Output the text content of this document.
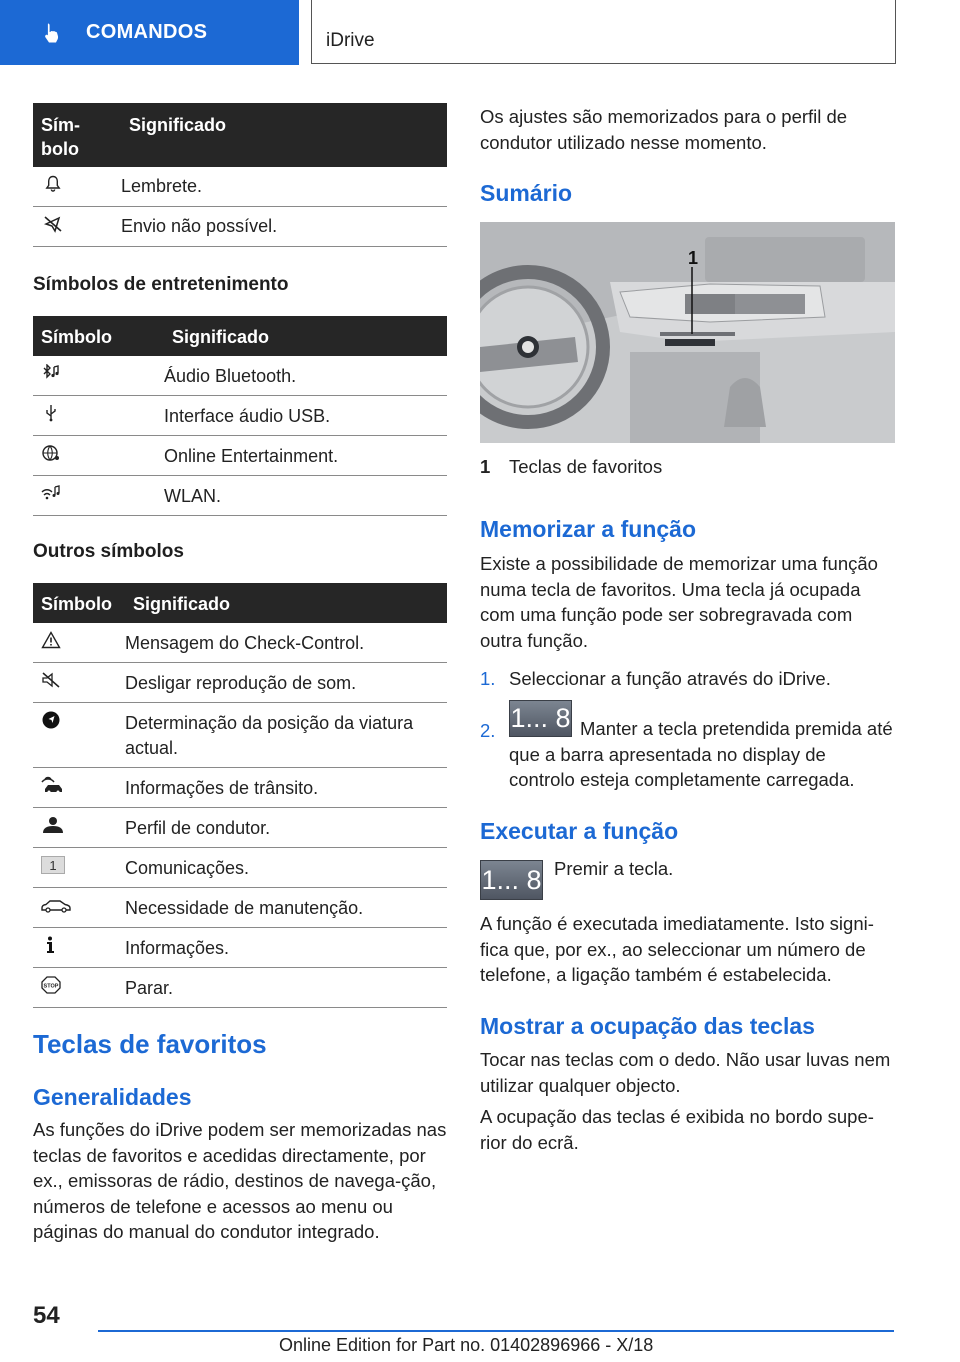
COMANDOS	iDrive
Sím-bolo	Significado

Lembrete.

Envio não possível.
Símbolos de entretenimento
Símbolo	Significado

Áudio Bluetooth.

Interface áudio USB.

Online Entertainment.

WLAN.
Outros símbolos
Símbolo	Significado

Mensagem do Check-Control.

Desligar reprodução de som.

Determinação da posição da viatura actual.

Informações de trânsito.

Perfil de condutor.

1	Comunicações.

Necessidade de manutenção.

Informações.

STOP	Parar.
Teclas de favoritos
Generalidades
As funções do iDrive podem ser memorizadas nas teclas de favoritos e acedidas directamente, por ex., emissoras de rádio, destinos de navega-ção, números de telefone e acessos ao menu ou páginas do manual do condutor integrado.
Os ajustes são memorizados para o perfil de condutor utilizado nesse momento.
Sumário
1
1 Teclas de favoritos
Memorizar a função
Existe a possibilidade de memorizar uma função numa tecla de favoritos. Uma tecla já ocupada com uma função pode ser sobregravada com outra função.
1. Seleccionar a função através do iDrive.
2. 1... 8 Manter a tecla pretendida premida até que a barra apresentada no display de controlo esteja completamente carregada.
Executar a função
1... 8 Premir a tecla.
A função é executada imediatamente. Isto signi-fica que, por ex., ao seleccionar um número de telefone, a ligação também é estabelecida.
Mostrar a ocupação das teclas
Tocar nas teclas com o dedo. Não usar luvas nem utilizar qualquer objecto.
A ocupação das teclas é exibida no bordo supe-rior do ecrã.
54
Online Edition for Part no. 01402896966 - X/18
